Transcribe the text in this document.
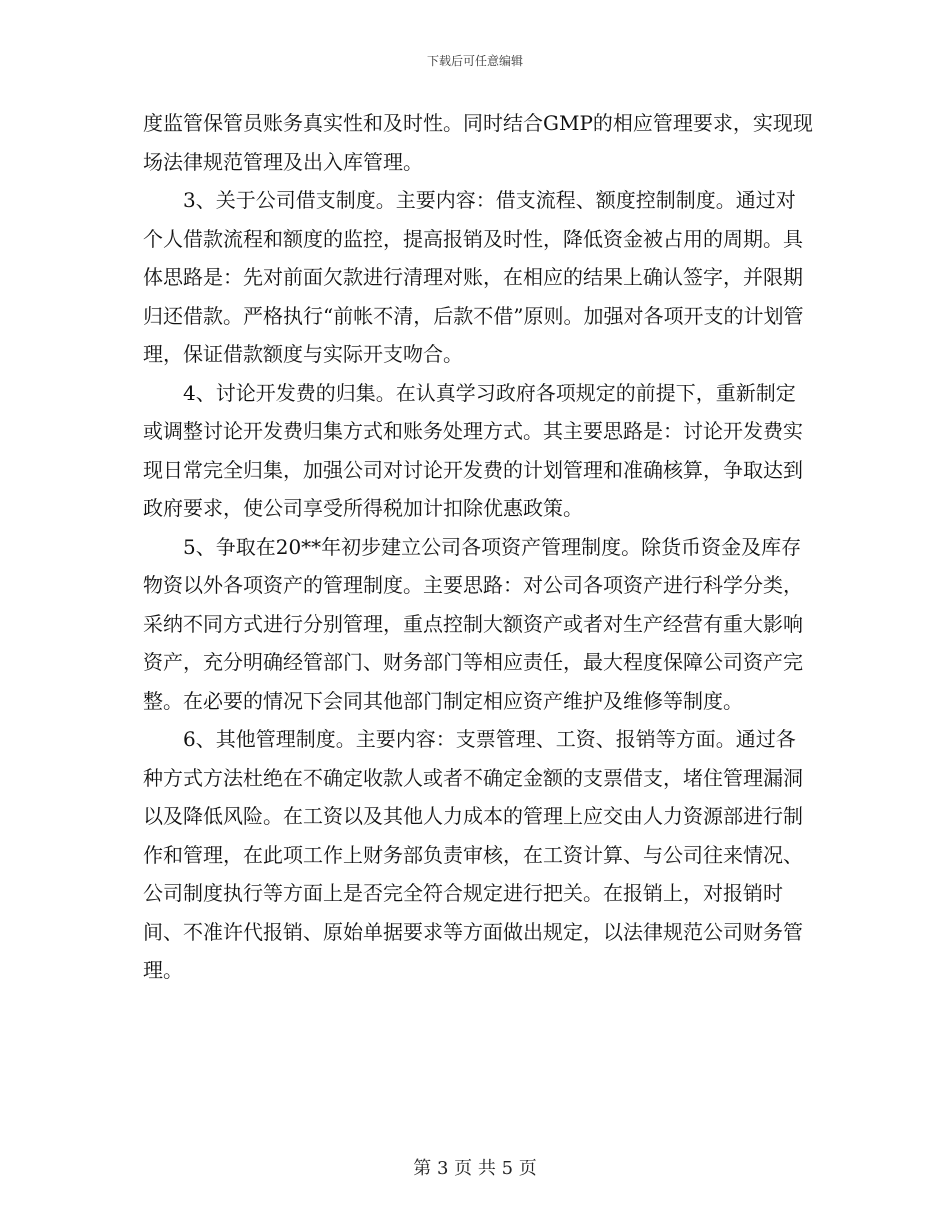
下载后可任意编辑

度监管保管员账务真实性和及时性。同时结合GMP的相应管理要求，实现现场法律规范管理及出入库管理。

3、关于公司借支制度。主要内容：借支流程、额度控制制度。通过对个人借款流程和额度的监控，提高报销及时性，降低资金被占用的周期。具体思路是：先对前面欠款进行清理对账，在相应的结果上确认签字，并限期归还借款。严格执行“前帐不清，后款不借”原则。加强对各项开支的计划管理，保证借款额度与实际开支吻合。

4、讨论开发费的归集。在认真学习政府各项规定的前提下，重新制定或调整讨论开发费归集方式和账务处理方式。其主要思路是：讨论开发费实现日常完全归集，加强公司对讨论开发费的计划管理和准确核算，争取达到政府要求，使公司享受所得税加计扣除优惠政策。

5、争取在20**年初步建立公司各项资产管理制度。除货币资金及库存物资以外各项资产的管理制度。主要思路：对公司各项资产进行科学分类，采纳不同方式进行分别管理，重点控制大额资产或者对生产经营有重大影响资产，充分明确经管部门、财务部门等相应责任，最大程度保障公司资产完整。在必要的情况下会同其他部门制定相应资产维护及维修等制度。

6、其他管理制度。主要内容：支票管理、工资、报销等方面。通过各种方式方法杜绝在不确定收款人或者不确定金额的支票借支，堵住管理漏洞以及降低风险。在工资以及其他人力成本的管理上应交由人力资源部进行制作和管理，在此项工作上财务部负责审核，在工资计算、与公司往来情况、公司制度执行等方面上是否完全符合规定进行把关。在报销上，对报销时间、不准许代报销、原始单据要求等方面做出规定，以法律规范公司财务管理。

第 3 页 共 5 页
